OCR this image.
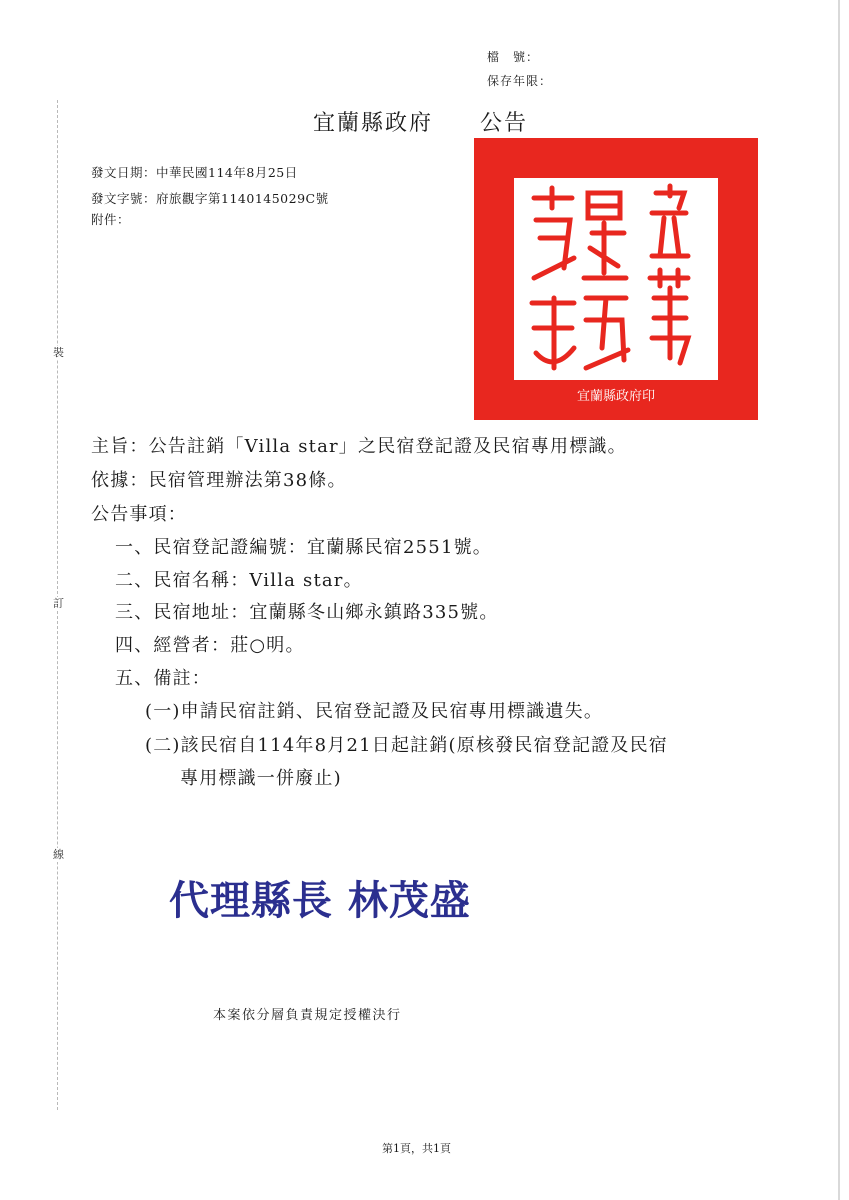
裝
訂
線
檔　號：
保存年限：
宜蘭縣政府 公告
發文日期：中華民國114年8月25日
發文字號：府旅觀字第1140145029C號
附件：
宜蘭縣政府印
主旨：公告註銷「Villa star」之民宿登記證及民宿專用標識。
依據：民宿管理辦法第38條。
公告事項：
一、民宿登記證編號：宜蘭縣民宿2551號。
二、民宿名稱：Villa star。
三、民宿地址：宜蘭縣冬山鄉永鎮路335號。
四、經營者：莊○明。
五、備註：
(一)申請民宿註銷、民宿登記證及民宿專用標識遺失。
(二)該民宿自114年8月21日起註銷(原核發民宿登記證及民宿
專用標識一併廢止)
代理縣長 林茂盛
本案依分層負責規定授權決行
第1頁，共1頁
